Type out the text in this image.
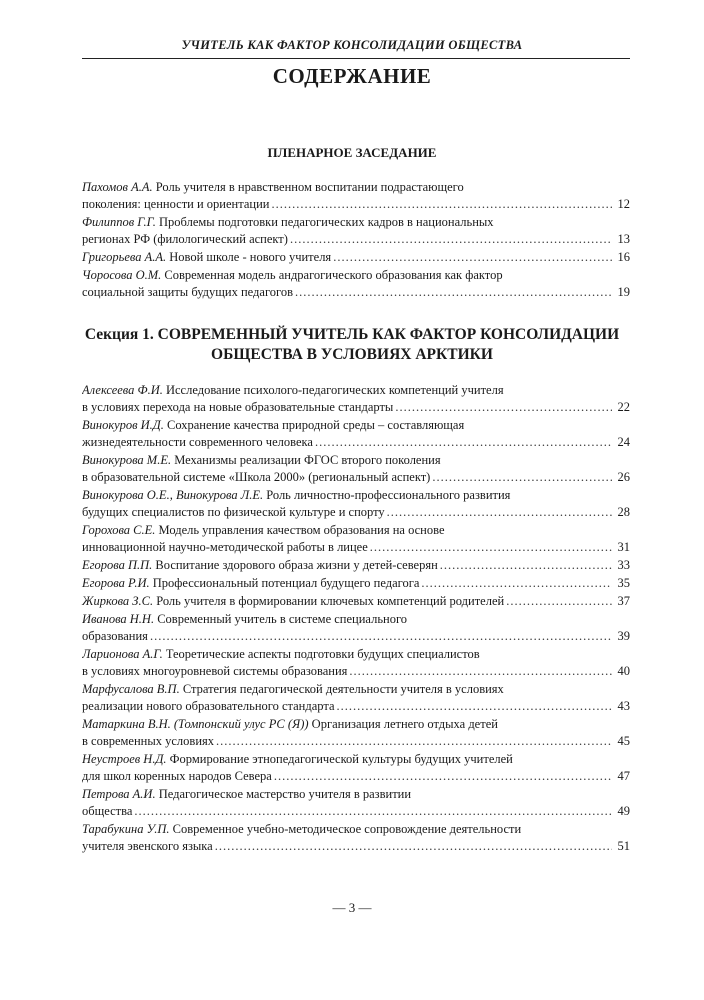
УЧИТЕЛЬ КАК ФАКТОР КОНСОЛИДАЦИИ ОБЩЕСТВА
СОДЕРЖАНИЕ
ПЛЕНАРНОЕ ЗАСЕДАНИЕ
Пахомов А.А. Роль учителя в нравственном воспитании подрастающего
поколения: ценности и ориентации .....	12
Филиппов Г.Г. Проблемы подготовки педагогических кадров в национальных
регионах РФ (филологический аспект) .....	13
Григорьева А.А. Новой школе - нового учителя .....	16
Чоросова О.М. Современная модель андрагогического образования как фактор
социальной защиты будущих педагогов .....	19
Секция 1. СОВРЕМЕННЫЙ УЧИТЕЛЬ КАК ФАКТОР КОНСОЛИДАЦИИ
ОБЩЕСТВА В УСЛОВИЯХ АРКТИКИ
Алексеева Ф.И. Исследование психолого-педагогических компетенций учителя
в условиях перехода на новые образовательные стандарты .....	22
Винокуров И.Д. Сохранение качества природной среды – составляющая
жизнедеятельности современного человека .....	24
Винокурова М.Е. Механизмы реализации ФГОС второго поколения
в образовательной системе «Школа 2000» (региональный аспект) .....	26
Винокурова О.Е., Винокурова Л.Е. Роль личностно-профессионального развития
будущих специалистов по физической культуре и спорту .....	28
Горохова С.Е. Модель управления качеством образования на основе
инновационной научно-методической работы в лицее .....	31
Егорова П.П. Воспитание здорового образа жизни у детей-северян .....	33
Егорова Р.И. Профессиональный потенциал будущего педагога .....	35
Жиркова З.С. Роль учителя в формировании ключевых компетенций родителей .....	37
Иванова Н.Н. Современный учитель в системе специального
образования .....	39
Ларионова А.Г. Теоретические аспекты подготовки будущих специалистов
в условиях многоуровневой системы образования .....	40
Марфусалова В.П. Стратегия педагогической деятельности учителя в условиях
реализации нового образовательного стандарта .....	43
Матаркина В.Н. (Томпонский улус РС (Я)) Организация летнего отдыха детей
в современных условиях .....	45
Неустроев Н.Д. Формирование этнопедагогической культуры будущих учителей
для школ коренных народов Севера .....	47
Петрова А.И. Педагогическое мастерство учителя в развитии
общества .....	49
Тарабукина У.П. Современное учебно-методическое сопровождение деятельности
учителя эвенского языка .....	51
— 3 —
